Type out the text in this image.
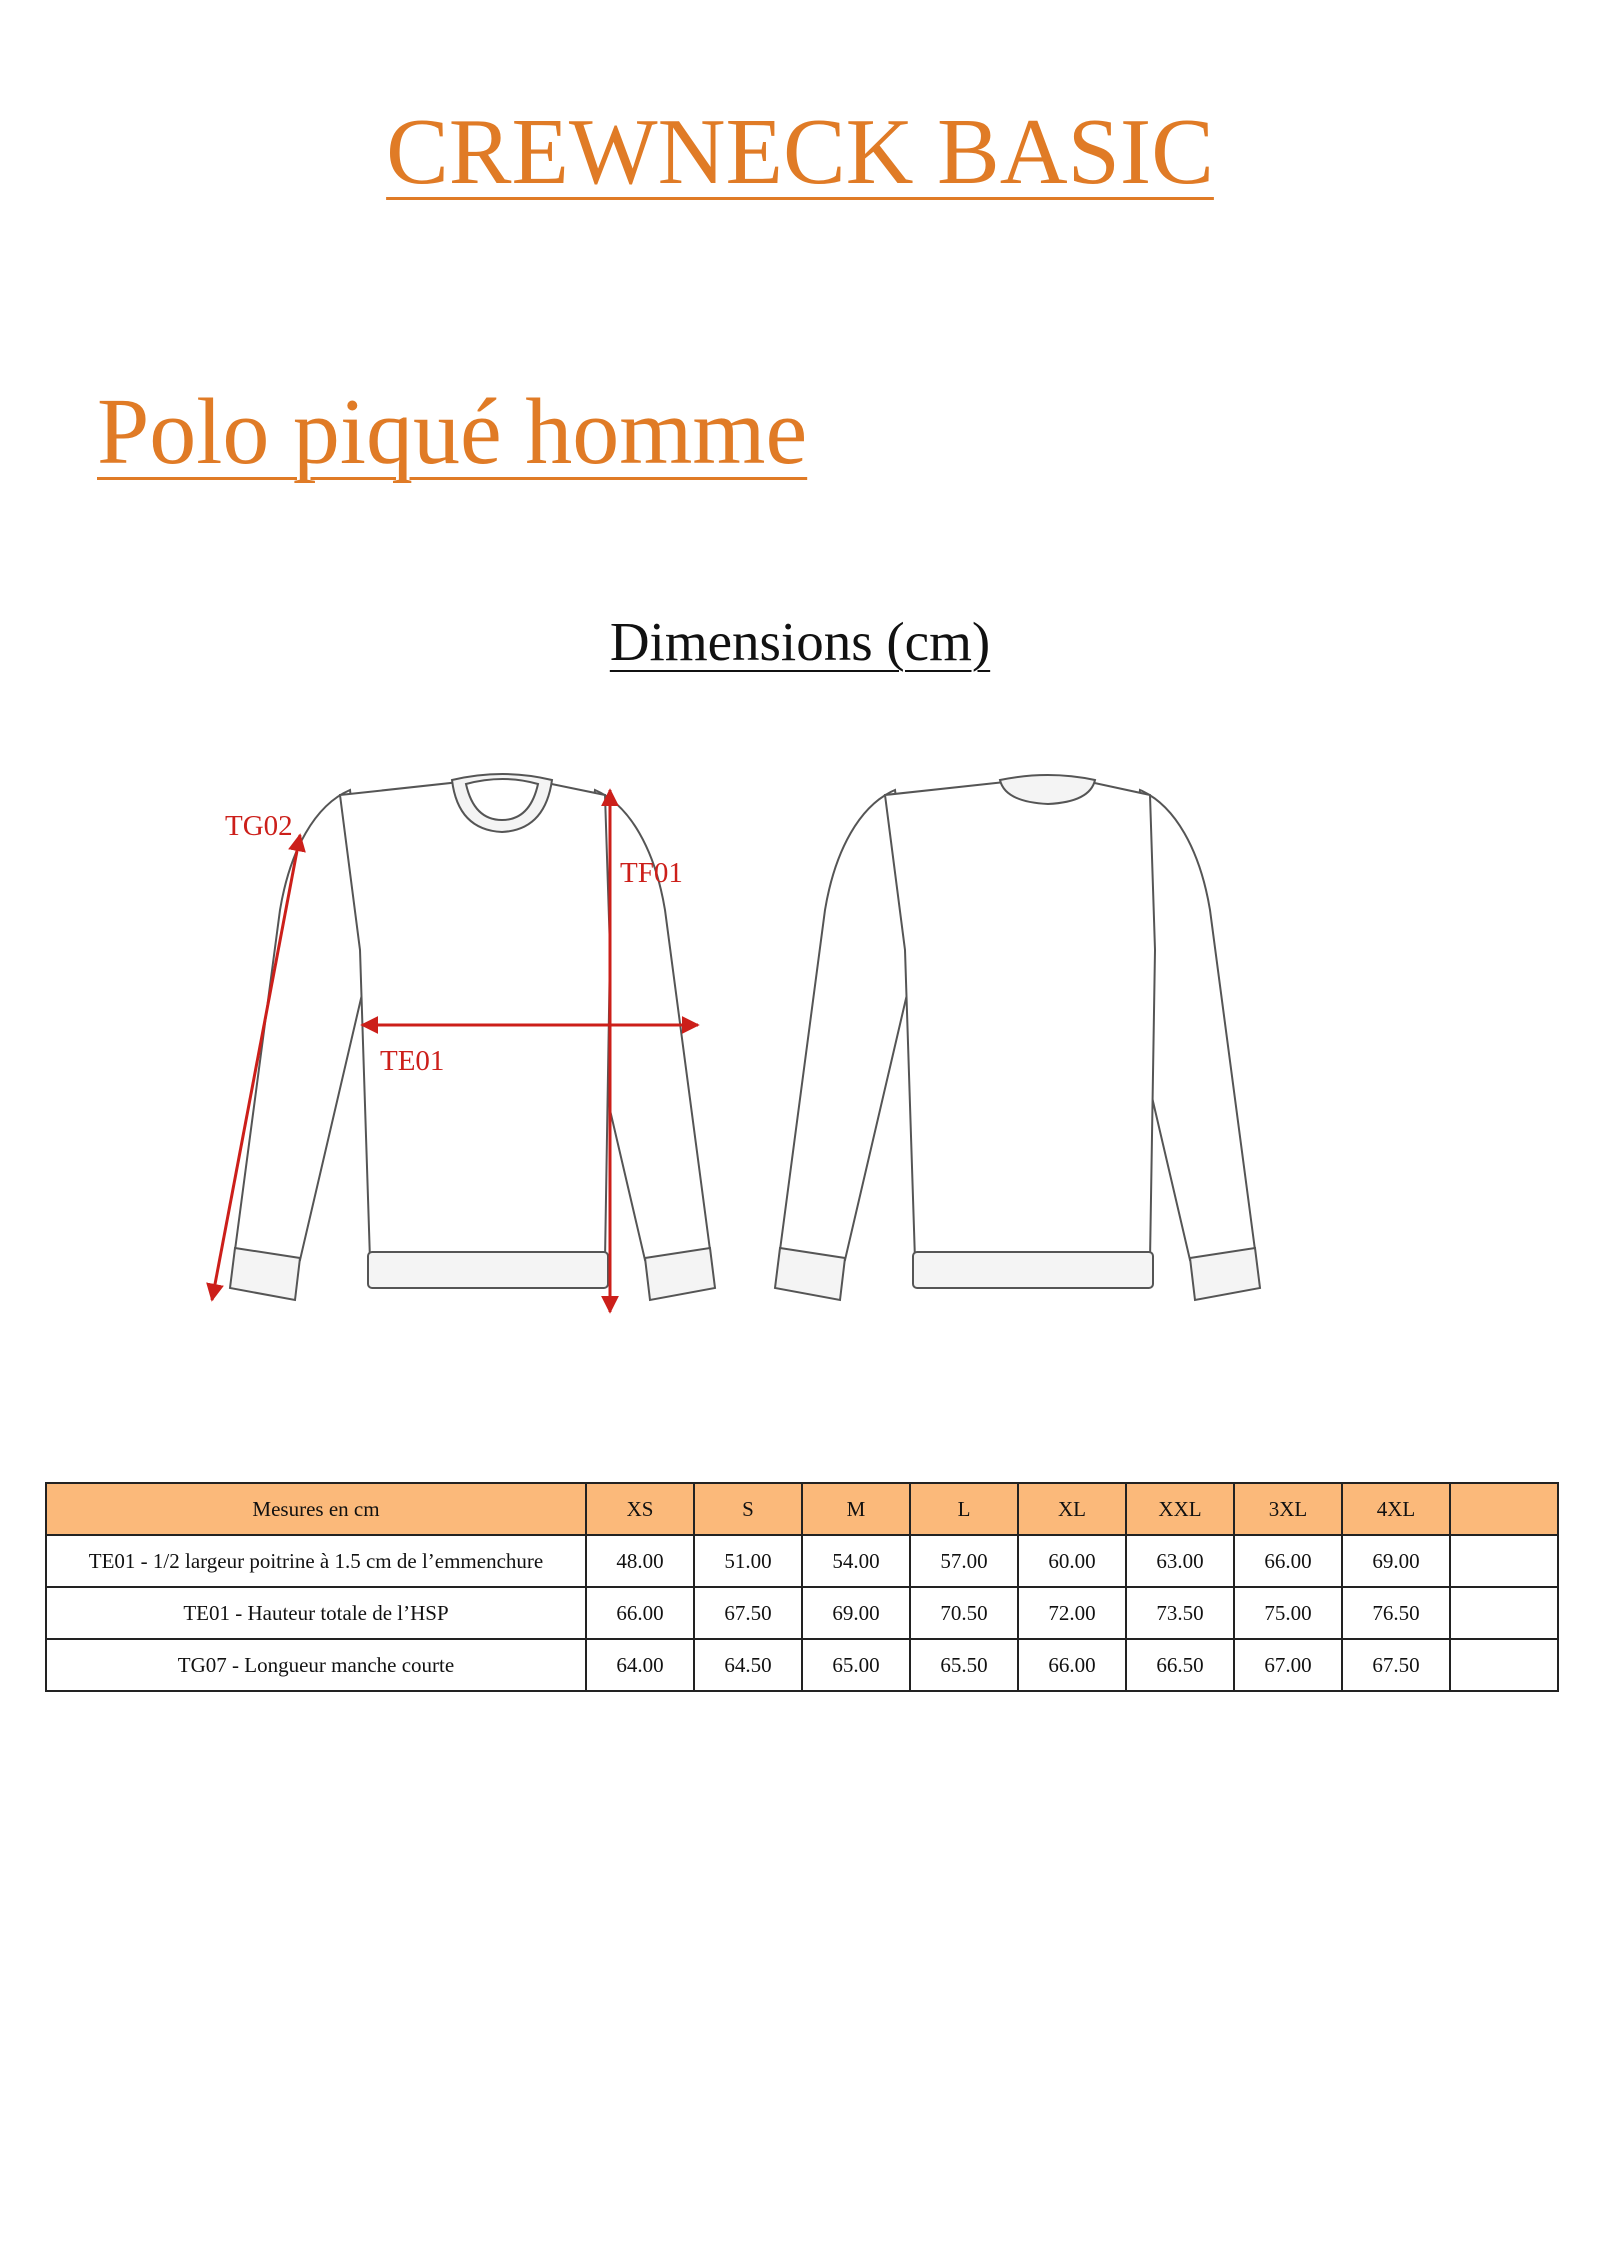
CREWNECK BASIC
Polo piqué homme
Dimensions (cm)
TG02
TF01
TE01
Mesures en cm	XS	S	M	L	XL	XXL	3XL	4XL	
TE01 - 1/2 largeur poitrine à 1.5 cm de l’emmenchure	48.00	51.00	54.00	57.00	60.00	63.00	66.00	69.00	
TE01 - Hauteur totale de l’HSP	66.00	67.50	69.00	70.50	72.00	73.50	75.00	76.50	
TG07 - Longueur manche courte	64.00	64.50	65.00	65.50	66.00	66.50	67.00	67.50	
